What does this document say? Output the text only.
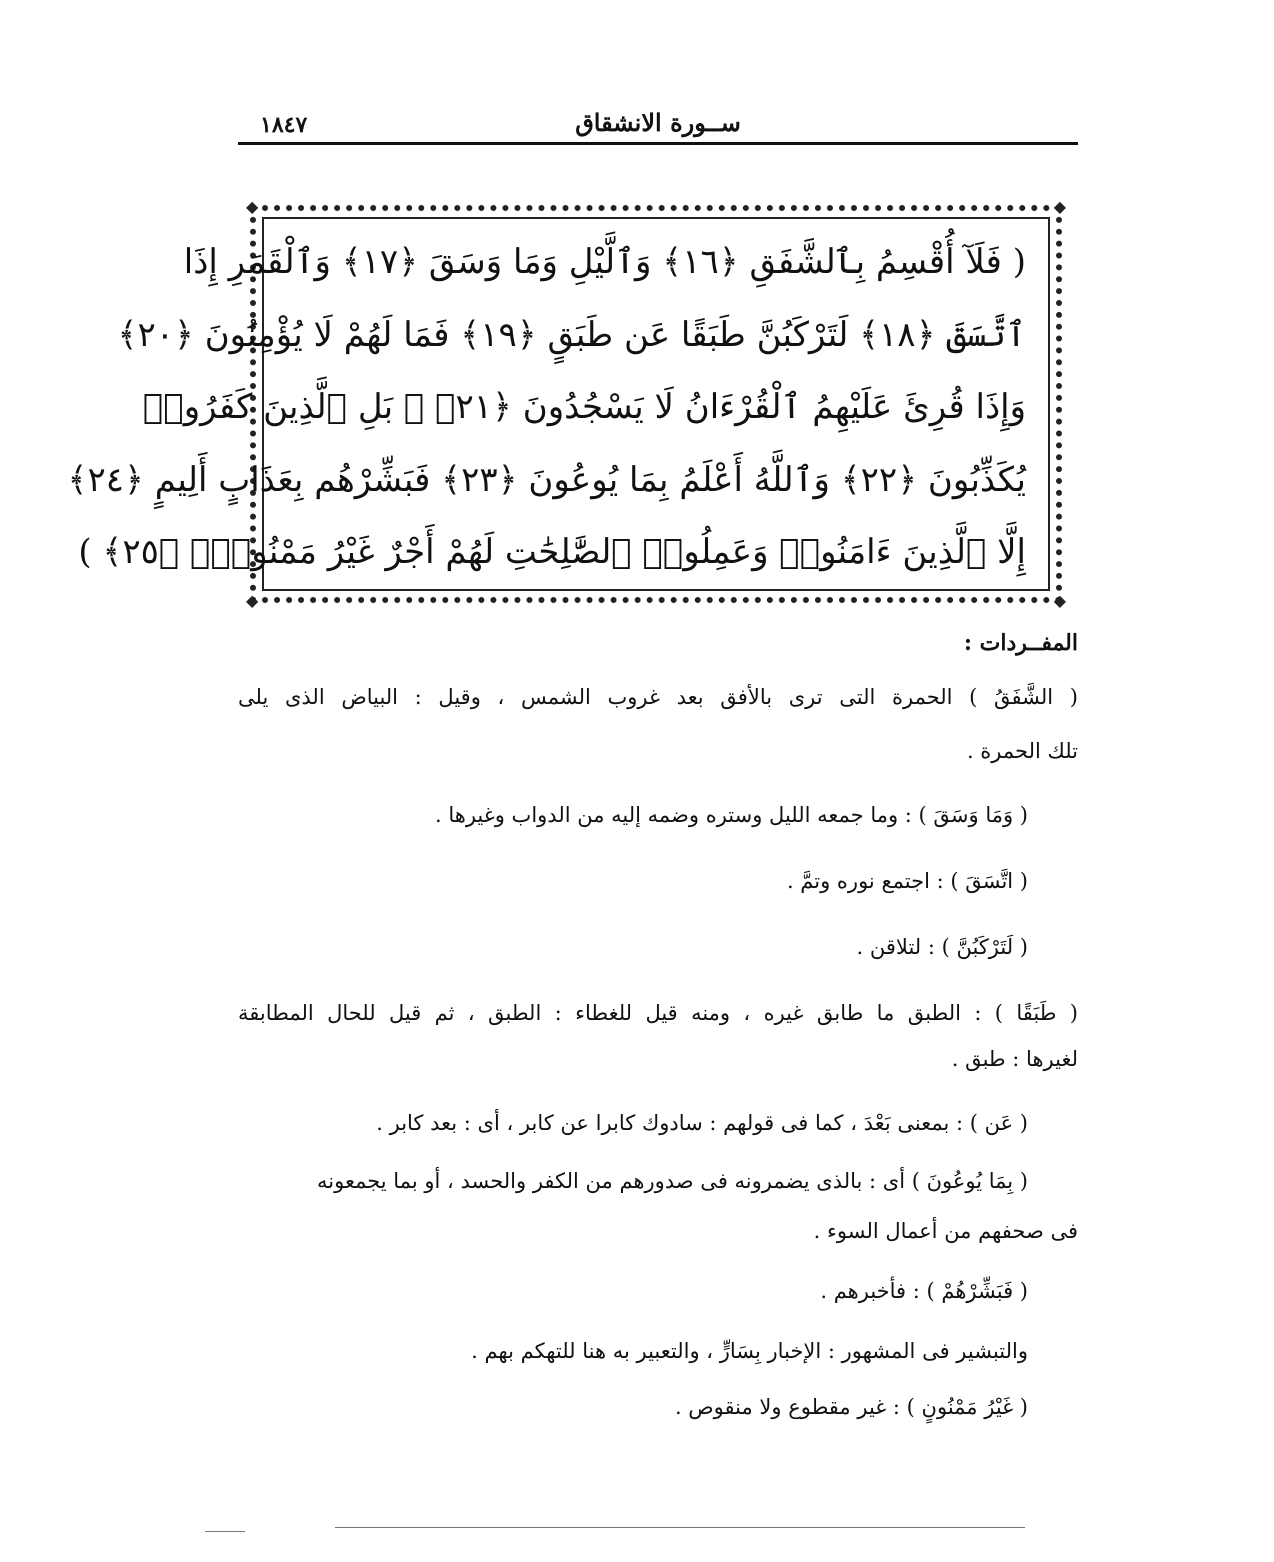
١٨٤٧	ســورة الانشقاق
◆	◆
◆	◆
( فَلَآ أُقْسِمُ بِٱلشَّفَقِ ﴿١٦﴾ وَٱلَّيْلِ وَمَا وَسَقَ ﴿١٧﴾ وَٱلْقَمَرِ إِذَا
ٱتَّسَقَ ﴿١٨﴾ لَتَرْكَبُنَّ طَبَقًا عَن طَبَقٍ ﴿١٩﴾ فَمَا لَهُمْ لَا يُؤْمِنُونَ ﴿٢٠﴾
وَإِذَا قُرِئَ عَلَيْهِمُ ٱلْقُرْءَانُ لَا يَسْجُدُونَ ﴿٢١﴾ ۩ بَلِ ٱلَّذِينَ كَفَرُوا۟
يُكَذِّبُونَ ﴿٢٢﴾ وَٱللَّهُ أَعْلَمُ بِمَا يُوعُونَ ﴿٢٣﴾ فَبَشِّرْهُم بِعَذَابٍ أَلِيمٍ ﴿٢٤﴾
إِلَّا ٱلَّذِينَ ءَامَنُوا۟ وَعَمِلُوا۟ ٱلصَّٰلِحَٰتِ لَهُمْ أَجْرٌ غَيْرُ مَمْنُونٍۭ ﴿٢٥﴾ )
المفــردات :
( الشَّفَقُ ) الحمرة التى ترى بالأفق بعد غروب الشمس ، وقيل : البياض الذى يلى
تلك الحمرة .
( وَمَا وَسَقَ ) : وما جمعه الليل وستره وضمه إليه من الدواب وغيرها .
( اتَّسَقَ ) : اجتمع نوره وتمَّ .
( لَتَرْكَبُنَّ ) : لتلاقن .
( طَبَقًا ) : الطبق ما طابق غيره ، ومنه قيل للغطاء : الطبق ، ثم قيل للحال المطابقة
لغيرها : طبق .
( عَن ) : بمعنى بَعْدَ ، كما فى قولهم : سادوك كابرا عن كابر ، أى : بعد كابر .
( بِمَا يُوعُونَ ) أى : بالذى يضمرونه فى صدورهم من الكفر والحسد ، أو بما يجمعونه
فى صحفهم من أعمال السوء .
( فَبَشِّرْهُمْ ) : فأخبرهم .
والتبشير فى المشهور : الإخبار بِسَارٍّ ، والتعبير به هنا للتهكم بهم .
( غَيْرُ مَمْنُونٍ ) : غير مقطوع ولا منقوص .
